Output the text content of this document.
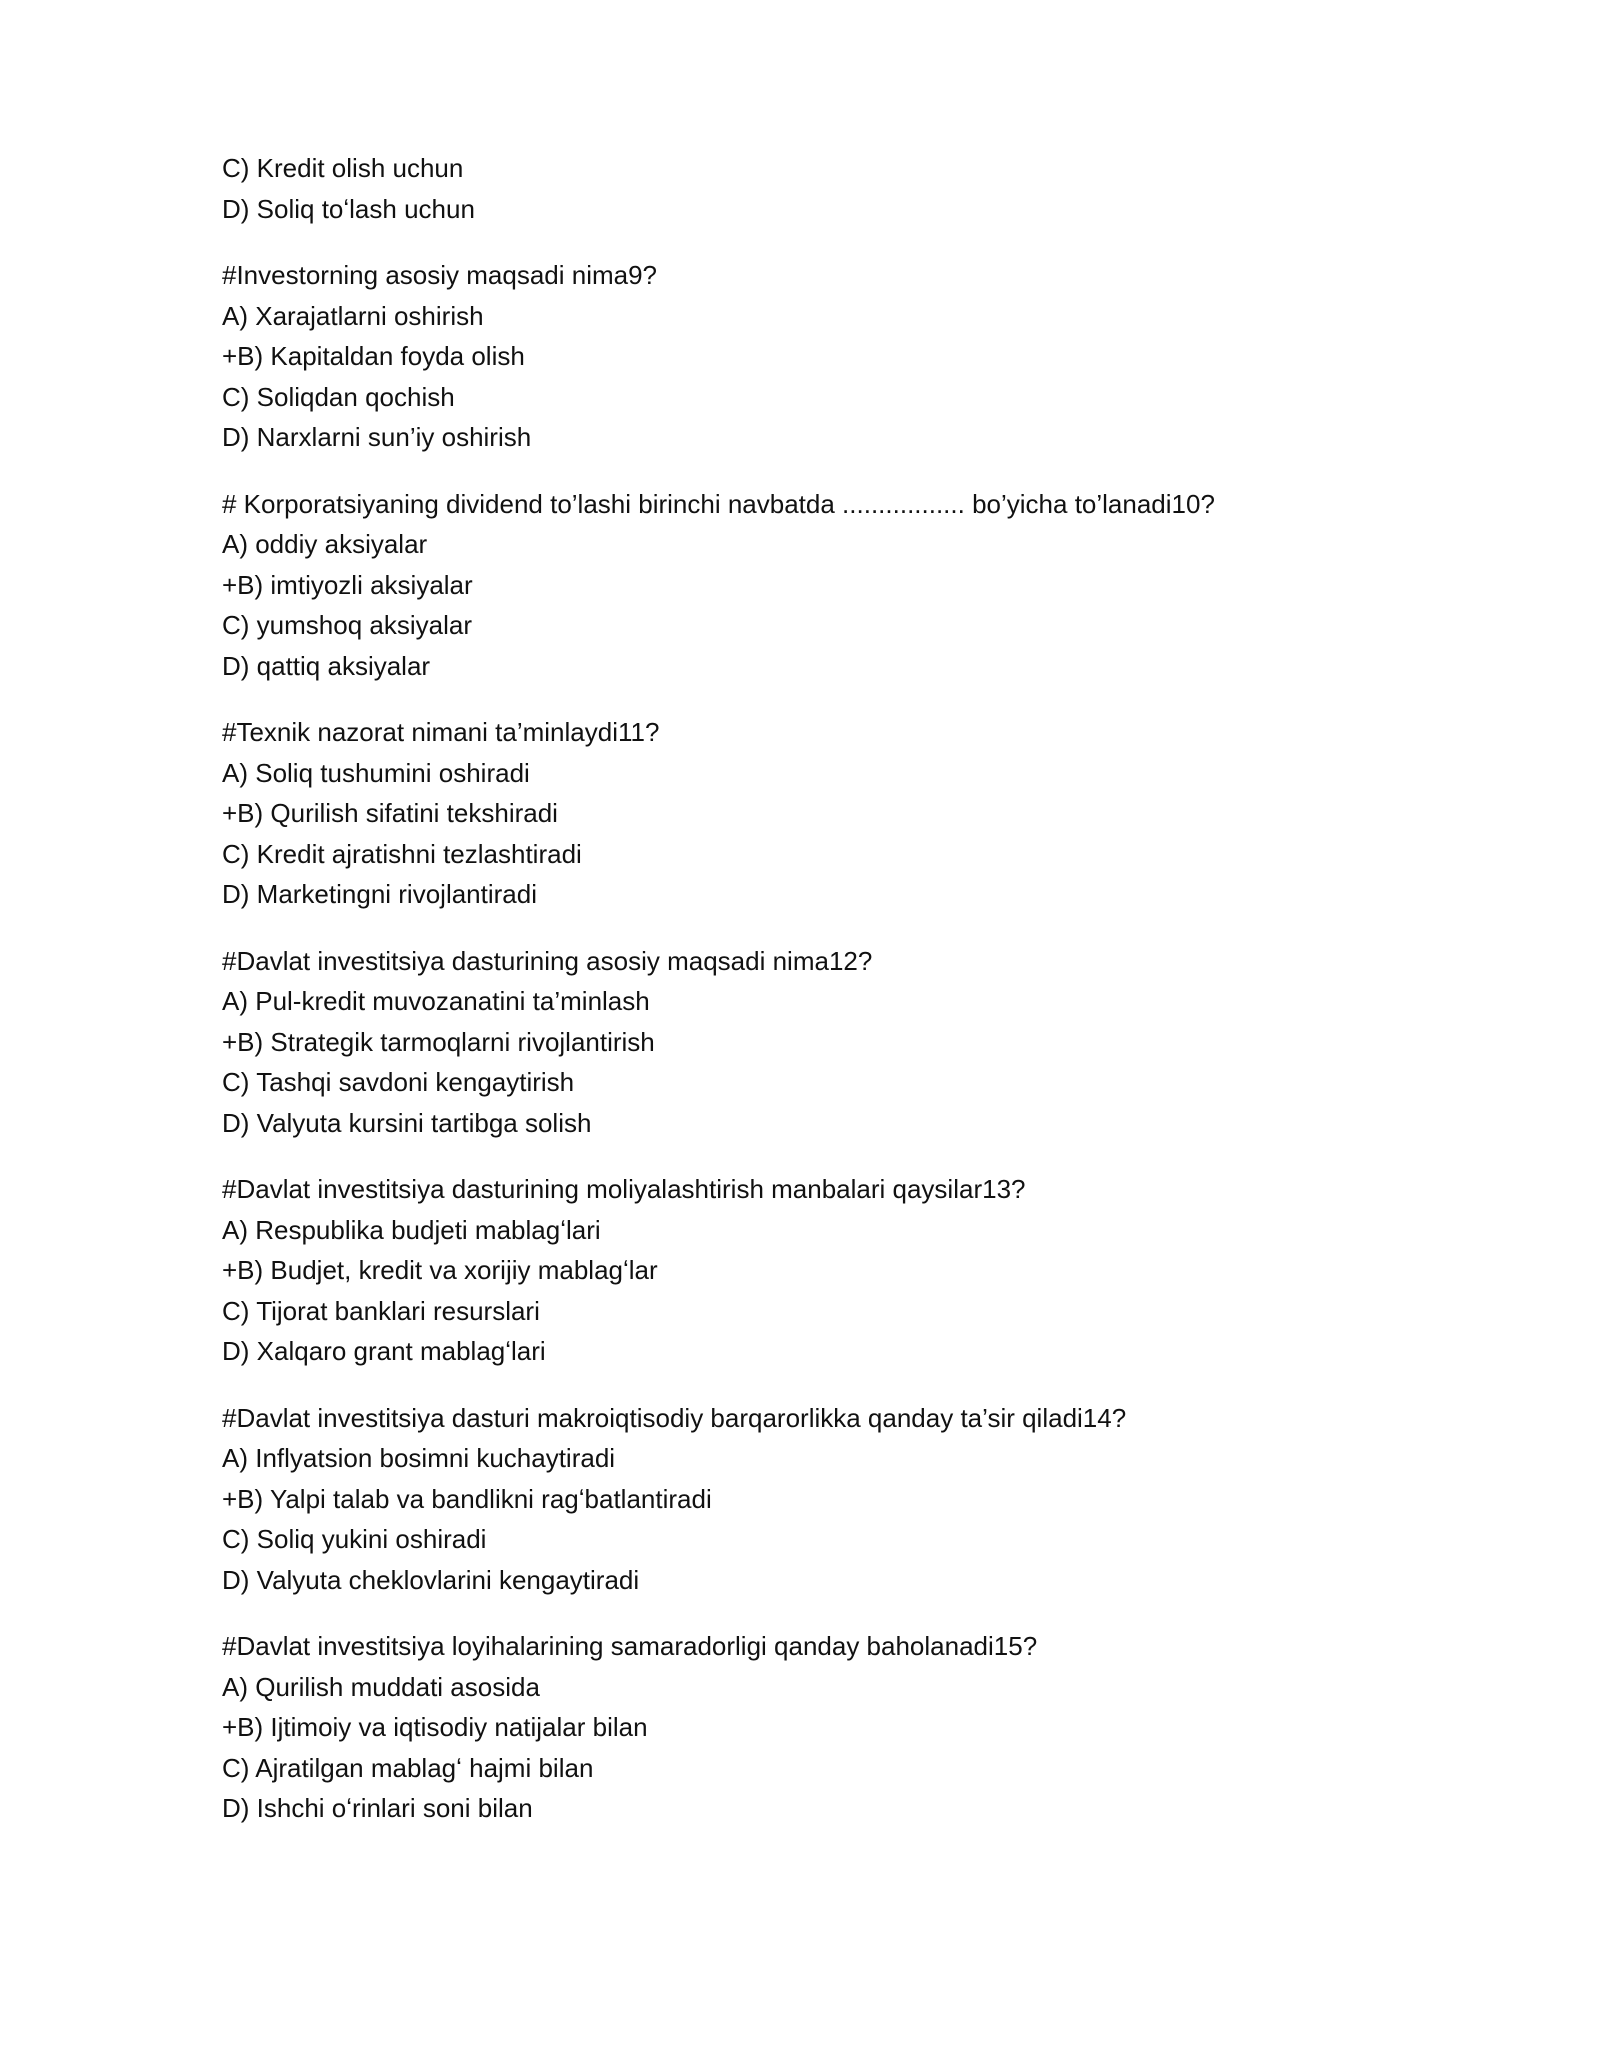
C) Kredit olish uchun
D) Soliq toʻlash uchun
#Investorning asosiy maqsadi nima9?
A) Xarajatlarni oshirish
+B) Kapitaldan foyda olish
C) Soliqdan qochish
D) Narxlarni sun’iy oshirish
# Korporatsiyaning dividend to’lashi birinchi navbatda ................. bo’yicha to’lanadi10?
A) oddiy aksiyalar
+B) imtiyozli aksiyalar
C) yumshoq aksiyalar
D) qattiq aksiyalar
#Texnik nazorat nimani ta’minlaydi11?
A) Soliq tushumini oshiradi
+B) Qurilish sifatini tekshiradi
C) Kredit ajratishni tezlashtiradi
D) Marketingni rivojlantiradi
#Davlat investitsiya dasturining asosiy maqsadi nima12?
A) Pul-kredit muvozanatini ta’minlash
+B) Strategik tarmoqlarni rivojlantirish
C) Tashqi savdoni kengaytirish
D) Valyuta kursini tartibga solish
#Davlat investitsiya dasturining moliyalashtirish manbalari qaysilar13?
A) Respublika budjeti mablagʻlari
+B) Budjet, kredit va xorijiy mablagʻlar
C) Tijorat banklari resurslari
D) Xalqaro grant mablagʻlari
#Davlat investitsiya dasturi makroiqtisodiy barqarorlikka qanday ta’sir qiladi14?
A) Inflyatsion bosimni kuchaytiradi
+B) Yalpi talab va bandlikni ragʻbatlantiradi
C) Soliq yukini oshiradi
D) Valyuta cheklovlarini kengaytiradi
#Davlat investitsiya loyihalarining samaradorligi qanday baholanadi15?
A) Qurilish muddati asosida
+B) Ijtimoiy va iqtisodiy natijalar bilan
C) Ajratilgan mablagʻ hajmi bilan
D) Ishchi oʻrinlari soni bilan
